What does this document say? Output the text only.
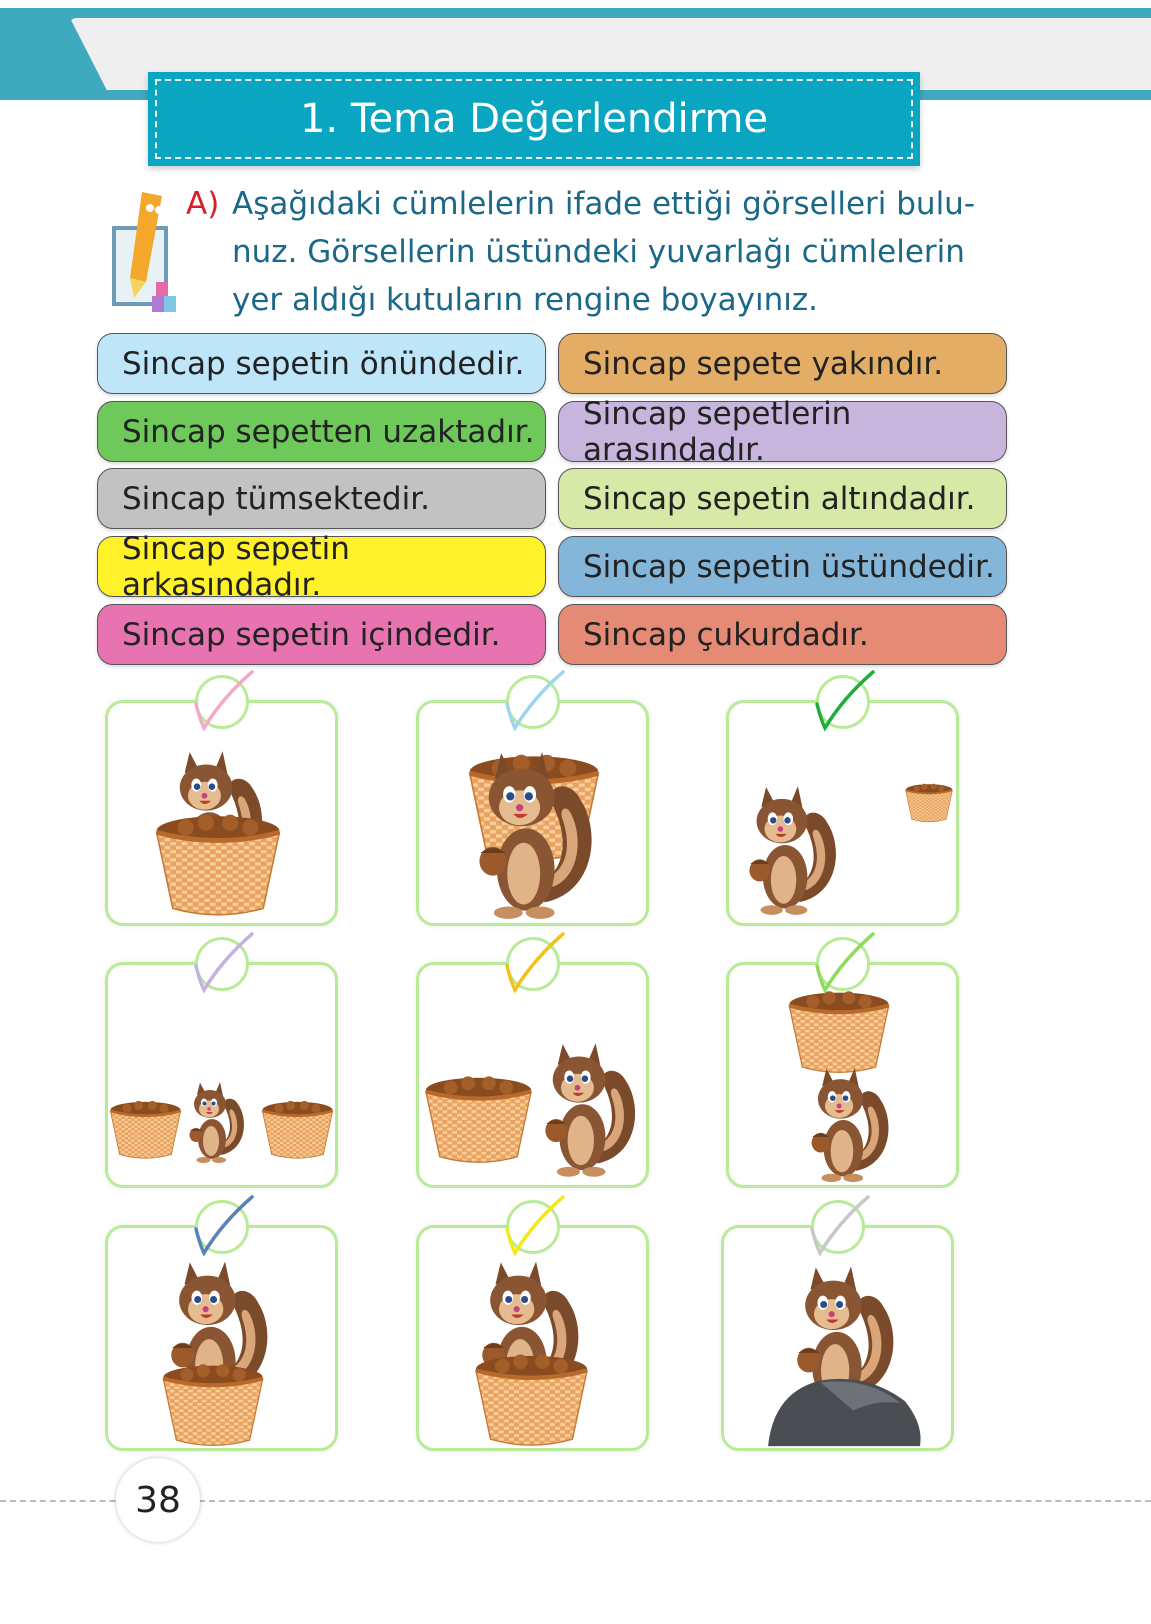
1. Tema Değerlendirme
A) Aşağıdaki cümlelerin ifade ettiği görselleri bulu-
nuz. Görsellerin üstündeki yuvarlağı cümlelerin
yer aldığı kutuların rengine boyayınız.
Sincap sepetin önündedir.	Sincap sepete yakındır.
Sincap sepetten uzaktadır.	Sincap sepetlerin arasındadır.
Sincap tümsektedir.	Sincap sepetin altındadır.
Sincap sepetin arkasındadır.	Sincap sepetin üstündedir.
Sincap sepetin içindedir.	Sincap çukurdadır.
38
